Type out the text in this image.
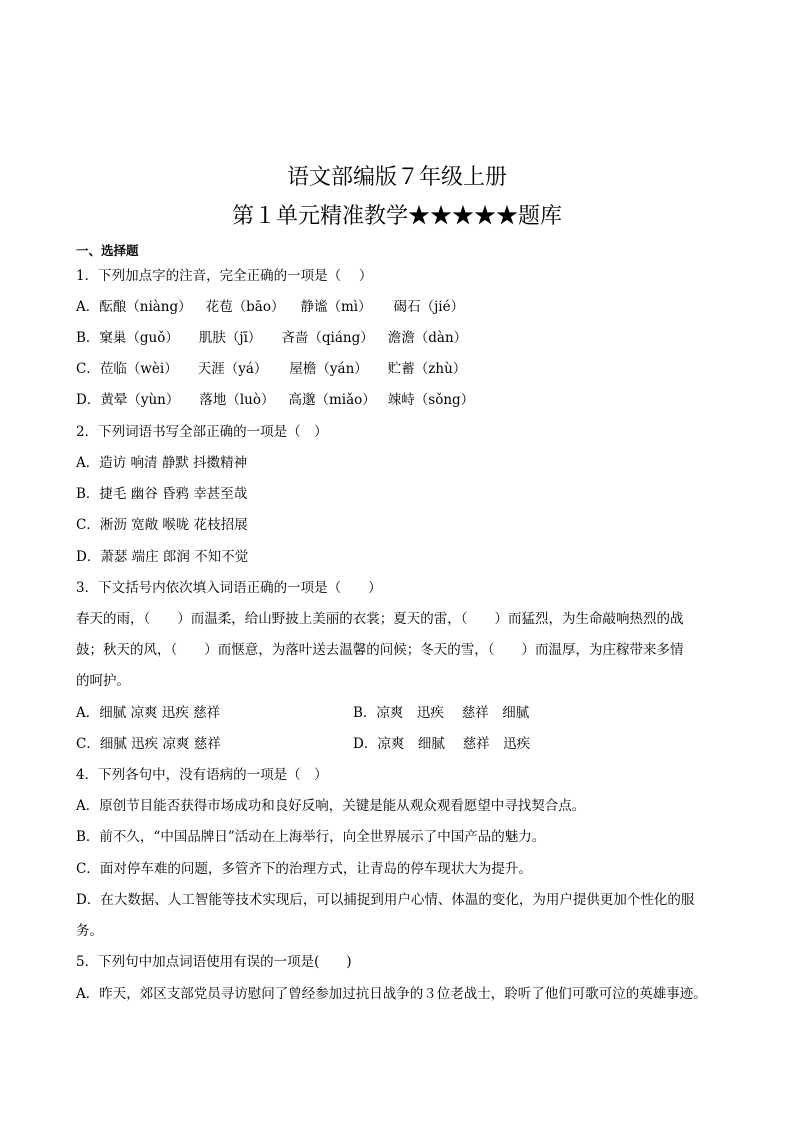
语文部编版７年级上册
第１单元精准教学★★★★★题库
一、选择题
1．下列加点字的注音，完全正确的一项是（　 ）
A．酝酿（niàng） 花苞（bāo） 静谧（mì） 碣石（jié）
B．窠巢（guǒ） 肌肤（jī） 吝啬（qiáng） 澹澹（dàn）
C．莅临（wèi） 天涯（yá） 屋檐（yán） 贮蓄（zhù）
D．黄晕（yùn） 落地（luò） 高邈（miǎo） 竦峙（sǒng）
2．下列词语书写全部正确的一项是（　）
A．造访 响清 静默 抖擞精神
B．捷毛 幽谷 昏鸦 幸甚至哉
C．淅沥 宽敞 喉咙 花枝招展
D．萧瑟 端庄 郎润 不知不觉
3．下文括号内依次填入词语正确的一项是（　　）
春天的雨，（　　）而温柔，给山野披上美丽的衣裳；夏天的雷，（　　）而猛烈，为生命敲响热烈的战
鼓；秋天的风，（　　）而惬意，为落叶送去温馨的问候；冬天的雪，（　　）而温厚，为庄稼带来多情
的呵护。
A．细腻 凉爽 迅疾 慈祥	B．凉爽　迅疾　 慈祥　细腻
C．细腻 迅疾 凉爽 慈祥	D．凉爽　细腻　 慈祥　迅疾
4．下列各句中，没有语病的一项是（　）
A．原创节目能否获得市场成功和良好反响，关键是能从观众观看愿望中寻找契合点。
B．前不久，“中国品牌日”活动在上海举行，向全世界展示了中国产品的魅力。
C．面对停车难的问题，多管齐下的治理方式，让青岛的停车现状大为提升。
D．在大数据、人工智能等技术实现后，可以捕捉到用户心情、体温的变化，为用户提供更加个性化的服
务。
5．下列句中加点词语使用有误的一项是(　　)
A．昨天，郊区支部党员寻访慰问了曾经参加过抗日战争的３位老战士，聆听了他们可歌可泣的英雄事迹。
